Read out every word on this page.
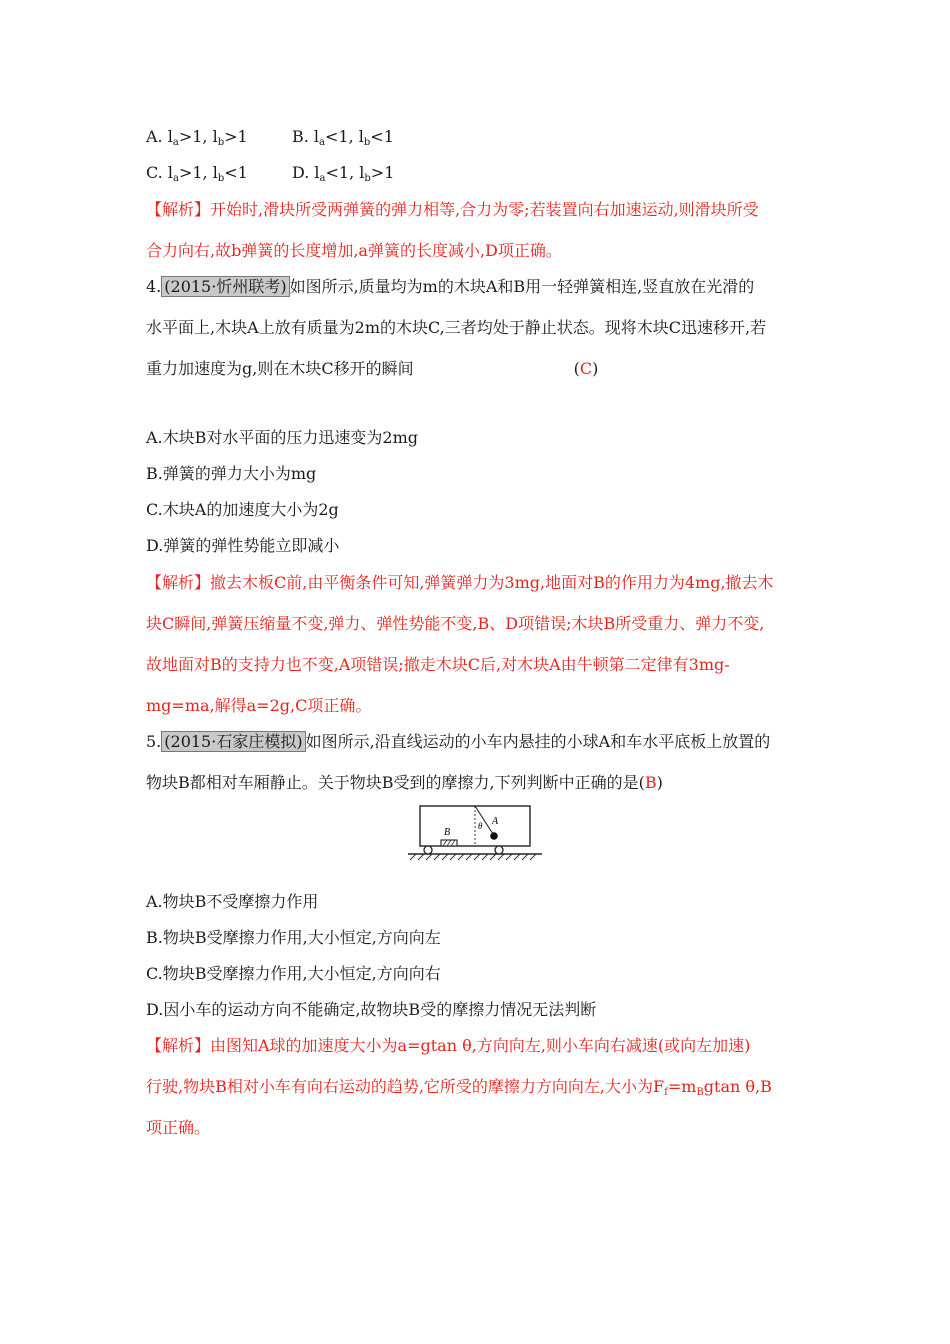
A. $l_a>1$, $l_b>1$	B. $l_a<1$, $l_b<1$
C. $l_a>1$, $l_b<1$	D. $l_a<1$, $l_b>1$
【解析】开始时,滑块所受两弹簧的弹力相等,合力为零;若装置向右加速运动,则滑块所受
合力向右,故b弹簧的长度增加,a弹簧的长度减小,D项正确。
4. (2015·忻州联考) 如图所示,质量均为m的木块A和B用一轻弹簧相连,竖直放在光滑的
水平面上,木块A上放有质量为2m的木块C,三者均处于静止状态。现将木块C迅速移开,若
重力加速度为g,则在木块C移开的瞬间	(C)
A.木块B对水平面的压力迅速变为2mg
B.弹簧的弹力大小为mg
C.木块A的加速度大小为2g
D.弹簧的弹性势能立即减小
【解析】撤去木板C前,由平衡条件可知,弹簧弹力为3mg,地面对B的作用力为4mg,撤去木
块C瞬间,弹簧压缩量不变,弹力、弹性势能不变,B、D项错误;木块B所受重力、弹力不变,
故地面对B的支持力也不变,A项错误;撤走木块C后,对木块A由牛顿第二定律有3mg-
mg=ma,解得a=2g,C项正确。
5. (2015·石家庄模拟) 如图所示,沿直线运动的小车内悬挂的小球A和车水平底板上放置的
物块B都相对车厢静止。关于物块B受到的摩擦力,下列判断中正确的是(B)
B
θ A
A.物块B不受摩擦力作用
B.物块B受摩擦力作用,大小恒定,方向向左
C.物块B受摩擦力作用,大小恒定,方向向右
D.因小车的运动方向不能确定,故物块B受的摩擦力情况无法判断
【解析】由图知A球的加速度大小为a=gtan θ,方向向左,则小车向右减速(或向左加速)
行驶,物块B相对小车有向右运动的趋势,它所受的摩擦力方向向左,大小为$F_f=m_Bgtan$ θ,B
项正确。
